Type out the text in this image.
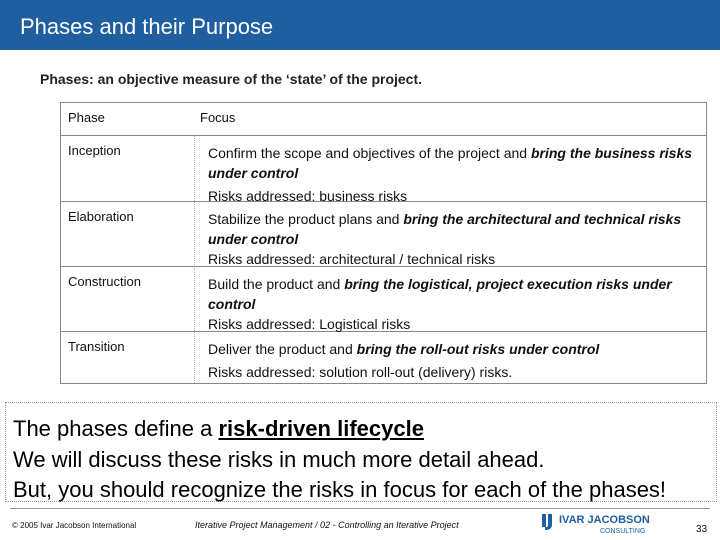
Phases and their Purpose
Phases: an objective measure of the ‘state’ of the project.
Phase	Focus
Inception	Confirm the scope and objectives of the project and bring the business risks under control

Risks addressed: business risks

Elaboration	Stabilize the product plans and bring the architectural and technical risks under control

Risks addressed: architectural / technical risks

Construction	Build the product and bring the logistical, project execution risks under control

Risks addressed: Logistical risks

Transition	Deliver the product and bring the roll-out risks under control

Risks addressed: solution roll-out (delivery) risks.

The phases define a risk-driven lifecycle
We will discuss these risks in much more detail ahead.
But, you should recognize the risks in focus for each of the phases!
© 2005 Ivar Jacobson International	Iterative Project Management / 02 - Controlling an Iterative Project	IVAR JACOBSON
CONSULTING	33
